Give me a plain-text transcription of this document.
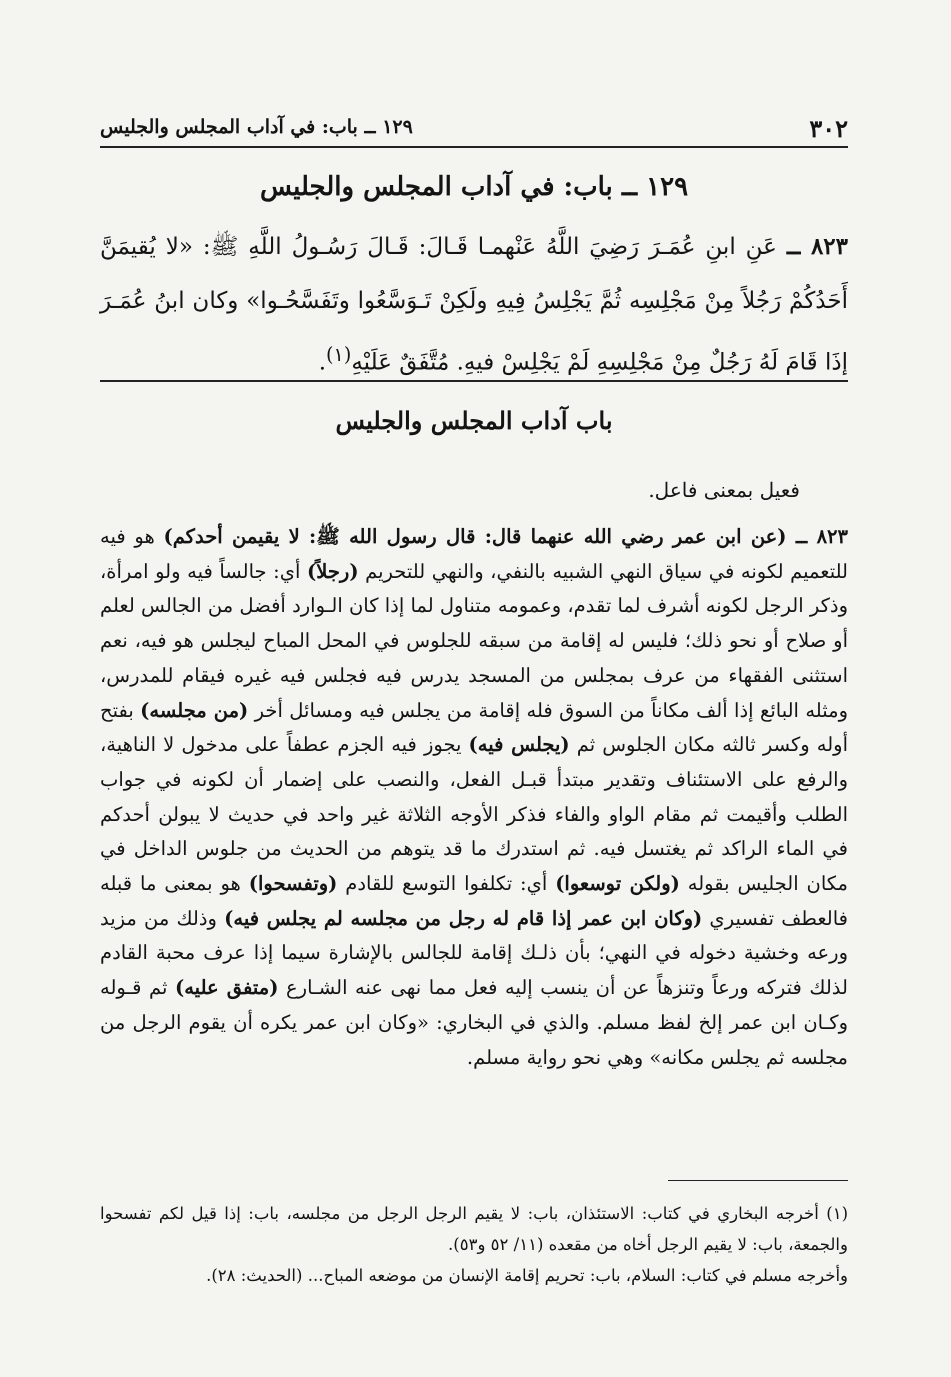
٣٠٢
١٢٩ ــ باب: في آداب المجلس والجليس
١٢٩ ــ باب: في آداب المجلس والجليس
٨٢٣ ــ عَنِ ابنِ عُمَـرَ رَضِيَ اللَّهُ عَنْهمـا قَـالَ: قَـالَ رَسُـولُ اللَّهِ ﷺ: «لا يُقيمَنَّ أَحَدُكُمْ رَجُلاً مِنْ مَجْلِسِه ثُمَّ يَجْلِسُ فِيهِ ولَكِنْ تَـوَسَّعُوا وتَفَسَّحُـوا» وكان ابنُ عُمَـرَ إذَا قَامَ لَهُ رَجُلٌ مِنْ مَجْلِسِهِ لَمْ يَجْلِسْ فيهِ. مُتَّفَقٌ عَلَيْهِ$^{(١)}$.
باب آداب المجلس والجليس
فعيل بمعنى فاعل.
٨٢٣ ــ (عن ابن عمر رضي الله عنهما قال: قال رسول الله ﷺ: لا يقيمن أحدكم) هو فيه للتعميم لكونه في سياق النهي الشبيه بالنفي، والنهي للتحريم (رجلاً) أي: جالساً فيه ولو امرأة، وذكر الرجل لكونه أشرف لما تقدم، وعمومه متناول لما إذا كان الـوارد أفضل من الجالس لعلم أو صلاح أو نحو ذلك؛ فليس له إقامة من سبقه للجلوس في المحل المباح ليجلس هو فيه، نعم استثنى الفقهاء من عرف بمجلس من المسجد يدرس فيه فجلس فيه غيره فيقام للمدرس، ومثله البائع إذا ألف مكاناً من السوق فله إقامة من يجلس فيه ومسائل أخر (من مجلسه) بفتح أوله وكسر ثالثه مكان الجلوس ثم (يجلس فيه) يجوز فيه الجزم عطفاً على مدخول لا الناهية، والرفع على الاستئناف وتقدير مبتدأ قبـل الفعل، والنصب على إضمار أن لكونه في جواب الطلب وأقيمت ثم مقام الواو والفاء فذكر الأوجه الثلاثة غير واحد في حديث لا يبولن أحدكم في الماء الراكد ثم يغتسل فيه. ثم استدرك ما قد يتوهم من الحديث من جلوس الداخل في مكان الجليس بقوله (ولكن توسعوا) أي: تكلفوا التوسع للقادم (وتفسحوا) هو بمعنى ما قبله فالعطف تفسيري (وكان ابن عمر إذا قام له رجل من مجلسه لم يجلس فيه) وذلك من مزيد ورعه وخشية دخوله في النهي؛ بأن ذلـك إقامة للجالس بالإشارة سيما إذا عرف محبة القادم لذلك فتركه ورعاً وتنزهاً عن أن ينسب إليه فعل مما نهى عنه الشـارع (متفق عليه) ثم قـوله وكـان ابن عمر إلخ لفظ مسلم. والذي في البخاري: «وكان ابن عمر يكره أن يقوم الرجل من مجلسه ثم يجلس مكانه» وهي نحو رواية مسلم.

(١) أخرجه البخاري في كتاب: الاستئذان، باب: لا يقيم الرجل الرجل من مجلسه، باب: إذا قيل لكم تفسحوا والجمعة، باب: لا يقيم الرجل أخاه من مقعده (١١/ ٥٢ و٥٣).

وأخرجه مسلم في كتاب: السلام، باب: تحريم إقامة الإنسان من موضعه المباح... (الحديث: ٢٨).
